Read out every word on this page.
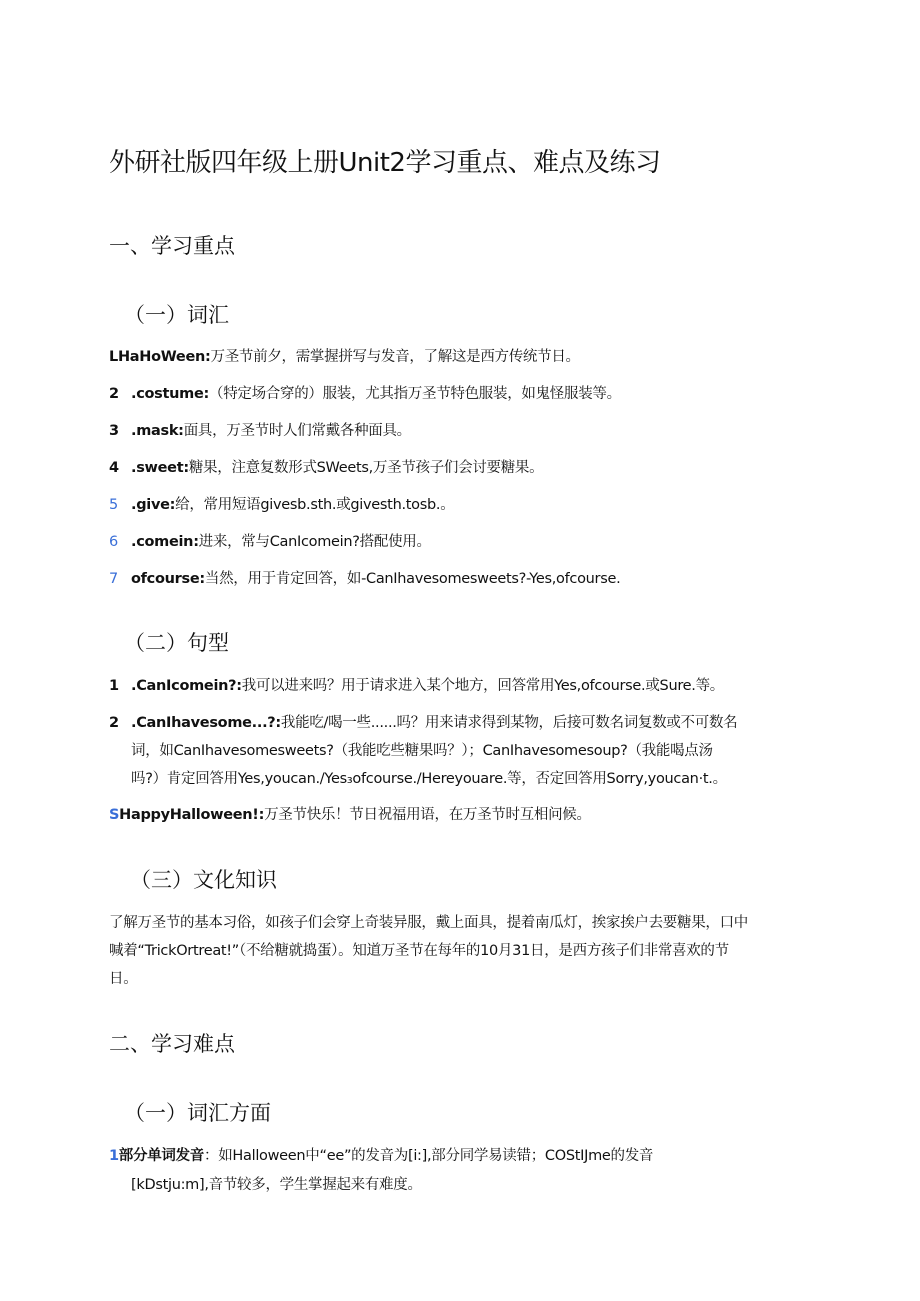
外研社版四年级上册Unit2学习重点、难点及练习
一、学习重点
（一）词汇
LHaHoWeen:万圣节前夕，需掌握拼写与发音，了解这是西方传统节日。
2 .costume:（特定场合穿的）服装，尤其指万圣节特色服装，如鬼怪服装等。
3 .mask:面具，万圣节时人们常戴各种面具。
4 .sweet:糖果，注意复数形式SWeets,万圣节孩子们会讨要糖果。
5 .give:给，常用短语givesb.sth.或givesth.tosb.。
6 .comein:进来，常与CanIcomein?搭配使用。
7 ofcourse:当然，用于肯定回答，如-CanIhavesomesweets?-Yes,ofcourse.
（二）句型
1 .CanIcomein?:我可以进来吗？用于请求进入某个地方，回答常用Yes,ofcourse.或Sure.等。
2 .CanIhavesome...?:我能吃/喝一些......吗？用来请求得到某物，后接可数名词复数或不可数名
词，如CanIhavesomesweets?（我能吃些糖果吗？）；CanIhavesomesoup?（我能喝点汤
吗?）肯定回答用Yes,youcan./Yes₃ofcourse./Hereyouare.等，否定回答用Sorry,youcan·t.。
SHappyHalloween!:万圣节快乐！节日祝福用语，在万圣节时互相问候。
（三）文化知识
了解万圣节的基本习俗，如孩子们会穿上奇装异服，戴上面具，提着南瓜灯，挨家挨户去要糖果，口中
喊着“TrickOrtreat!”（不给糖就捣蛋）。知道万圣节在每年的10月31日，是西方孩子们非常喜欢的节
日。
二、学习难点
（一）词汇方面
1部分单词发音：如Halloween中“ee”的发音为[i:],部分同学易读错；COStIJme的发音
[kDstju:m],音节较多，学生掌握起来有难度。
